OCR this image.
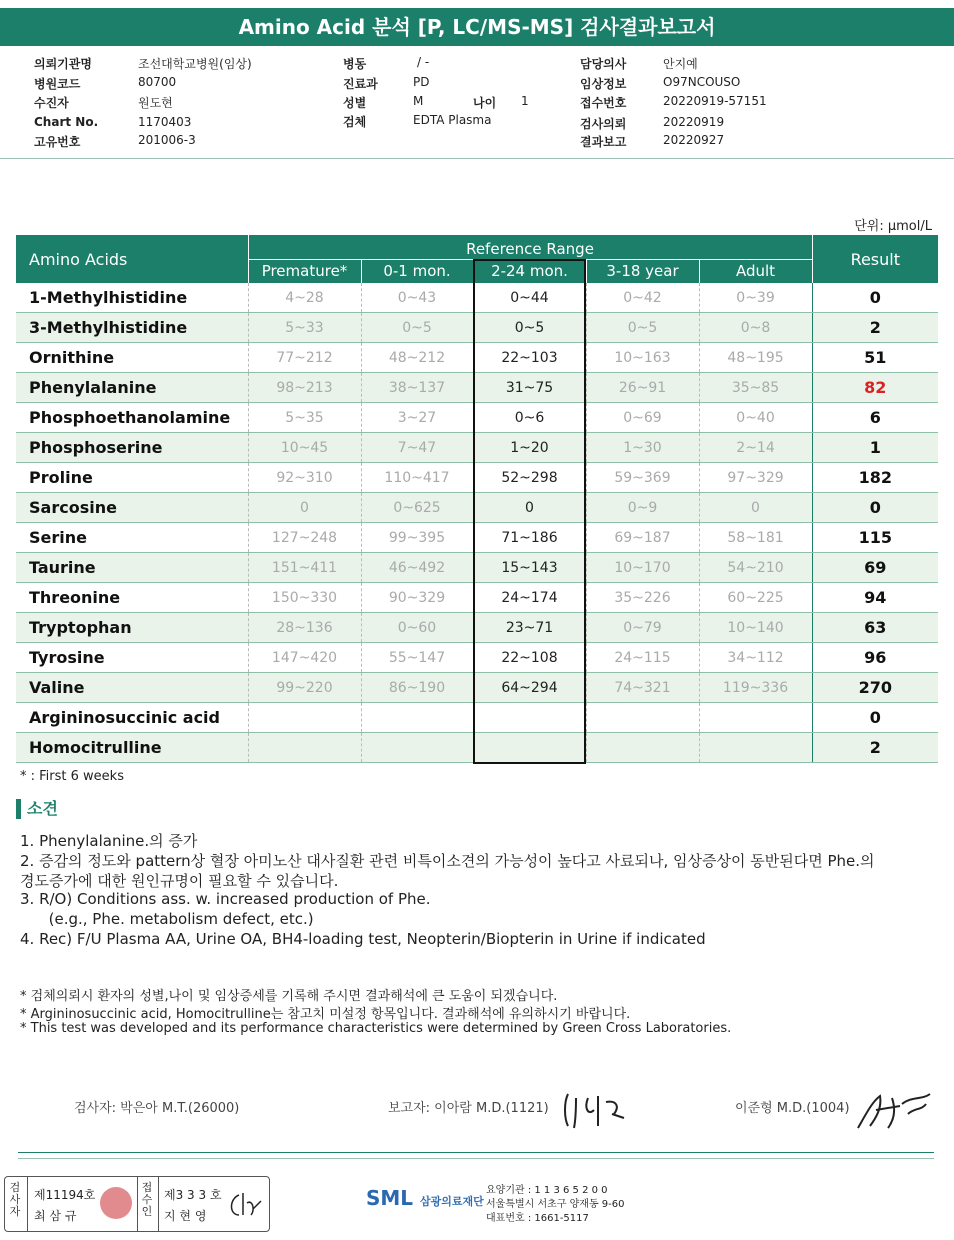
Amino Acid 분석 [P, LC/MS-MS] 검사결과보고서
의뢰기관명	조선대학교병원(임상)
병원코드	80700
수진자	원도현
Chart No.	1170403
고유번호	201006-3
병동	/ -
진료과	PD
성별	M	나이 1
검체	EDTA Plasma
담당의사	안지예
임상정보	O97NCOUSO
접수번호	20220919-57151
검사의뢰	20220919
결과보고	20220927
단위: μmol/L
Amino Acids	Reference Range					Result
	Premature*	0-1 mon.	2-24 mon.	3-18 year	Adult	
1-Methylhistidine	4~28	0~43	0~44	0~42	0~39	0
3-Methylhistidine	5~33	0~5	0~5	0~5	0~8	2
Ornithine	77~212	48~212	22~103	10~163	48~195	51
Phenylalanine	98~213	38~137	31~75	26~91	35~85	82
Phosphoethanolamine	5~35	3~27	0~6	0~69	0~40	6
Phosphoserine	10~45	7~47	1~20	1~30	2~14	1
Proline	92~310	110~417	52~298	59~369	97~329	182
Sarcosine	0	0~625	0	0~9	0	0
Serine	127~248	99~395	71~186	69~187	58~181	115
Taurine	151~411	46~492	15~143	10~170	54~210	69
Threonine	150~330	90~329	24~174	35~226	60~225	94
Tryptophan	28~136	0~60	23~71	0~79	10~140	63
Tyrosine	147~420	55~147	22~108	24~115	34~112	96
Valine	99~220	86~190	64~294	74~321	119~336	270
Argininosuccinic acid						0
Homocitrulline						2
* : First 6 weeks
소견
1. Phenylalanine.의 증가
2. 증감의 정도와 pattern상 혈장 아미노산 대사질환 관련 비특이소견의 가능성이 높다고 사료되나, 임상증상이 동반된다면 Phe.의
경도증가에 대한 원인규명이 필요할 수 있습니다.
3. R/O) Conditions ass. w. increased production of Phe.
(e.g., Phe. metabolism defect, etc.)
4. Rec) F/U Plasma AA, Urine OA, BH4-loading test, Neopterin/Biopterin in Urine if indicated
* 검체의뢰시 환자의 성별,나이 및 임상증세를 기록해 주시면 결과해석에 큰 도움이 되겠습니다.
* Argininosuccinic acid, Homocitrulline는 참고치 미설정 항목입니다. 결과해석에 유의하시기 바랍니다.
* This test was developed and its performance characteristics were determined by Green Cross Laboratories.
검사자: 박은아 M.T.(26000)	보고자: 이아람 M.D.(1121)	이준형 M.D.(1004)
검사자
제11194호
최 삼 규
접수인
제3 3 3 호
지 현 영
SML 삼광의료재단
요양기관 : 1 1 3 6 5 2 0 0
서울특별시 서초구 양재동 9-60
대표번호 : 1661-5117
